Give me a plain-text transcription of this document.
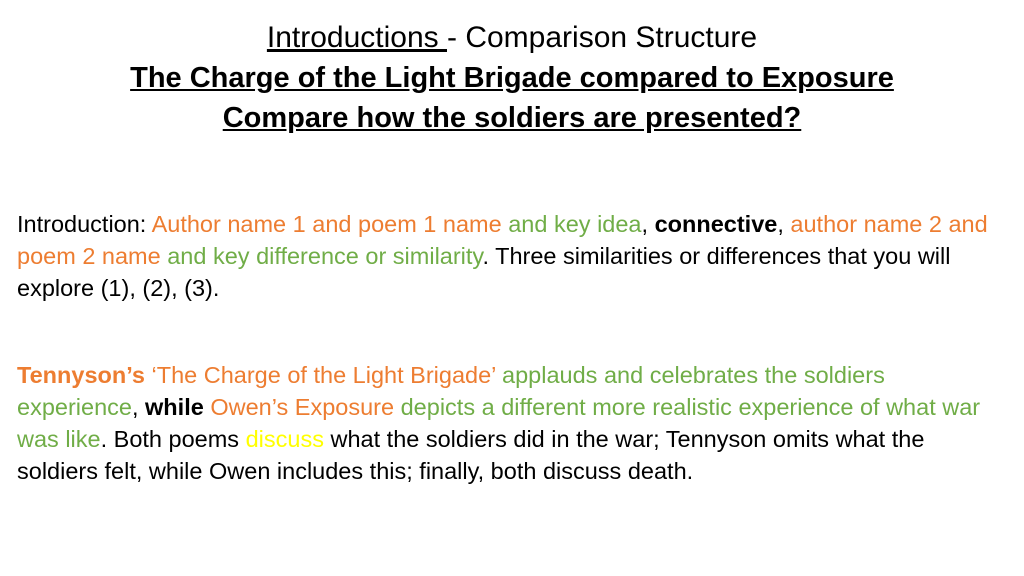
Introductions - Comparison Structure
The Charge of the Light Brigade compared to Exposure
Compare how the soldiers are presented?
Introduction: Author name 1 and poem 1 name and key idea, connective, author name 2 and poem 2 name and key difference or similarity. Three similarities or differences that you will explore (1), (2), (3).
Tennyson’s ‘The Charge of the Light Brigade’ applauds and celebrates the soldiers experience, while Owen’s Exposure depicts a different more realistic experience of what war was like. Both poems discuss what the soldiers did in the war; Tennyson omits what the soldiers felt, while Owen includes this; finally, both discuss death.
